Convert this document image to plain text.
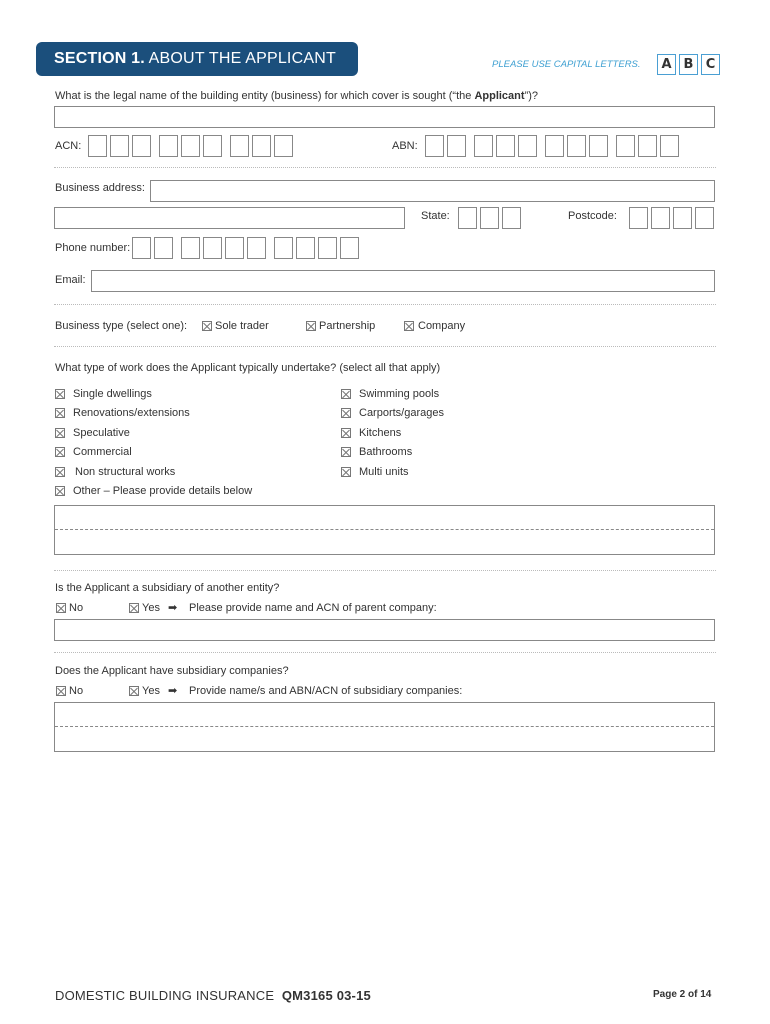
SECTION 1. ABOUT THE APPLICANT	PLEASE USE CAPITAL LETTERS.	A B C
What is the legal name of the building entity (business) for which cover is sought (“the Applicant”)?
ACN:	ABN:
Business address:
State:	Postcode:
Phone number:
Email:
Business type (select one):	Sole trader	Partnership	Company
What type of work does the Applicant typically undertake? (select all that apply)
Single dwellings
Renovations/extensions
Speculative
Commercial
Non structural works
Other – Please provide details below
Swimming pools
Carports/garages
Kitchens
Bathrooms
Multi units
Is the Applicant a subsidiary of another entity?
No	Yes ➡ Please provide name and ACN of parent company:
Does the Applicant have subsidiary companies?
No	Yes ➡ Provide name/s and ABN/ACN of subsidiary companies:
DOMESTIC BUILDING INSURANCE QM3165 03-15	Page 2 of 14
